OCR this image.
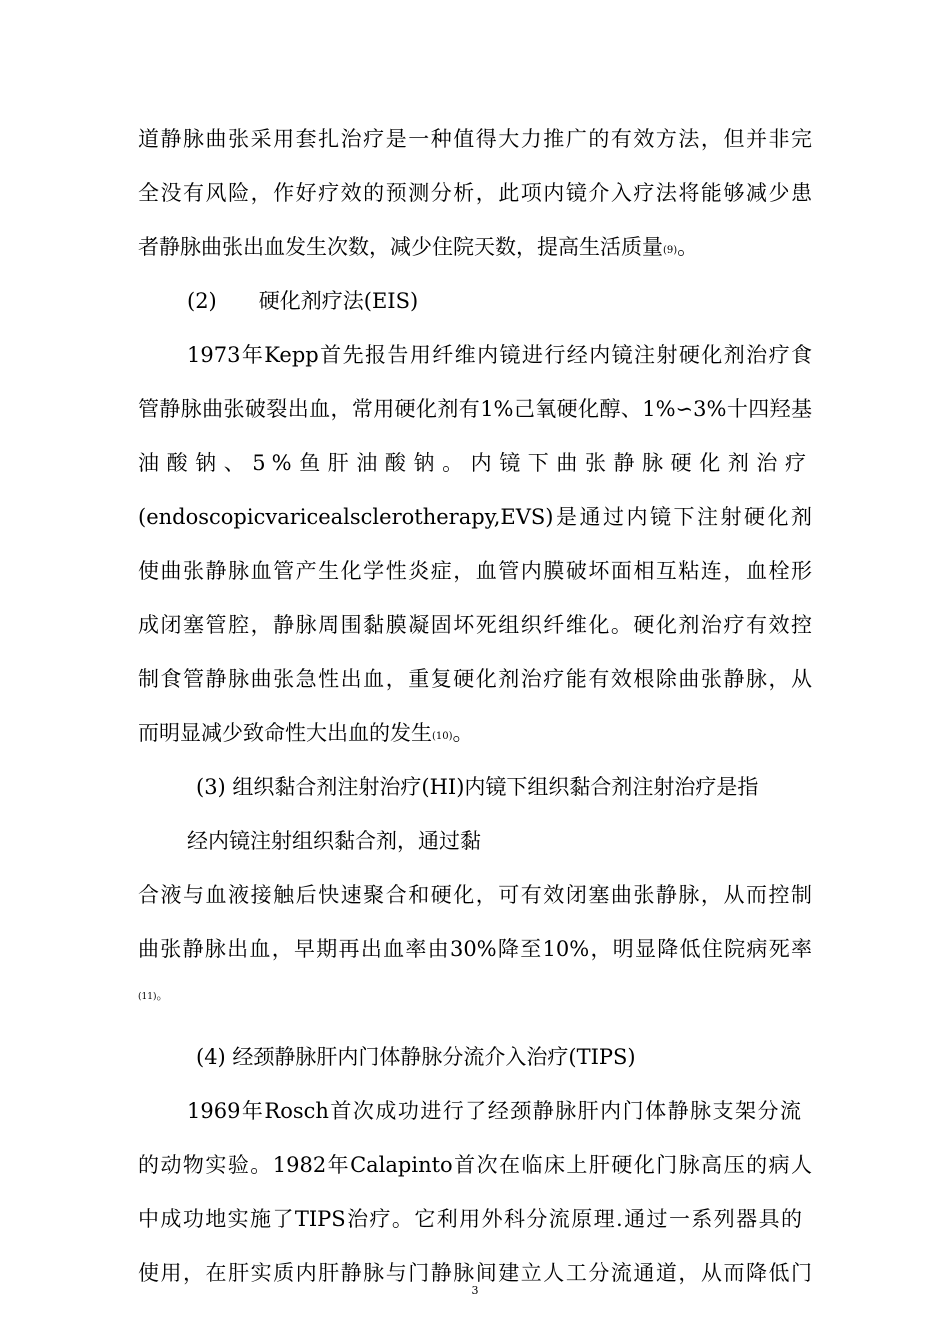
道静脉曲张采用套扎治疗是一种值得大力推广的有效方法，但并非完
全没有风险，作好疗效的预测分析，此项内镜介入疗法将能够减少患
者静脉曲张出血发生次数，减少住院天数，提高生活质量$^{(9)}$。
(2) 硬化剂疗法(EIS)
1973年Kepp首先报告用纤维内镜进行经内镜注射硬化剂治疗食
管静脉曲张破裂出血，常用硬化剂有1%己氧硬化醇、1%∽3%十四羟基
油酸钠、5%鱼肝油酸钠。内镜下曲张静脉硬化剂治疗
(endoscopicvaricealsclerotherapy,EVS)是通过内镜下注射硬化剂
使曲张静脉血管产生化学性炎症，血管内膜破坏面相互粘连，血栓形
成闭塞管腔，静脉周围黏膜凝固坏死组织纤维化。硬化剂治疗有效控
制食管静脉曲张急性出血，重复硬化剂治疗能有效根除曲张静脉，从
而明显减少致命性大出血的发生$^{(10)}$。
(3) 组织黏合剂注射治疗(HI)内镜下组织黏合剂注射治疗是指
经内镜注射组织黏合剂，通过黏
合液与血液接触后快速聚合和硬化，可有效闭塞曲张静脉，从而控制
曲张静脉出血，早期再出血率由30%降至10%，明显降低住院病死率
(11)。
(4) 经颈静脉肝内门体静脉分流介入治疗(TIPS)
1969年Rosch首次成功进行了经颈静脉肝内门体静脉支架分流
的动物实验。1982年Calapinto首次在临床上肝硬化门脉高压的病人
中成功地实施了TIPS治疗。它利用外科分流原理.通过一系列器具的
使用，在肝实质内肝静脉与门静脉间建立人工分流通道，从而降低门
3
